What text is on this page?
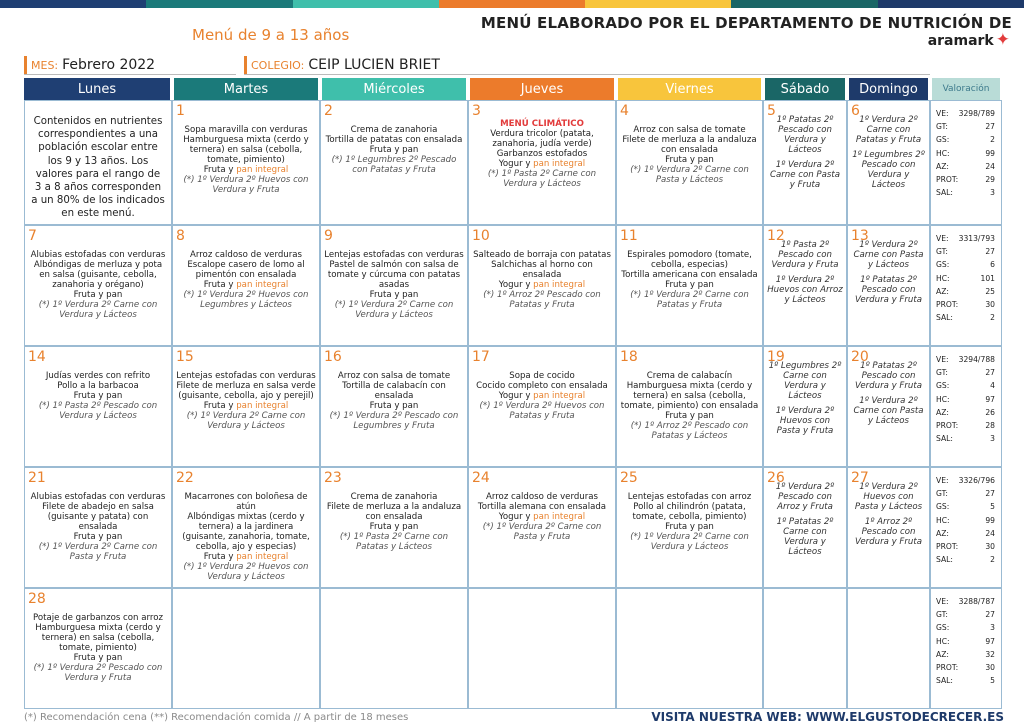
Menú de 9 a 13 años
MENÚ ELABORADO POR EL DEPARTAMENTO DE NUTRICIÓN DE
aramark ✦
MES: Febrero 2022	COLEGIO: CEIP LUCIEN BRIET
Lunes	Martes	Miércoles	Jueves	Viernes	Sábado	Domingo	Valoración
Contenidos en nutrientes correspondientes a una población escolar entre los 9 y 13 años. Los valores para el rango de 3 a 8 años corresponden a un 80% de los indicados en este menú.
1
Sopa maravilla con verduras
Hamburguesa mixta (cerdo y ternera) en salsa (cebolla, tomate, pimiento)
Fruta y pan integral
(*) 1º Verdura 2º Huevos con Verdura y Fruta
2
Crema de zanahoria
Tortilla de patatas con ensalada
Fruta y pan
(*) 1º Legumbres 2º Pescado con Patatas y Fruta
3
MENÚ CLIMÁTICO
Verdura tricolor (patata, zanahoria, judía verde)
Garbanzos estofados
Yogur y pan integral
(*) 1º Pasta 2º Carne con Verdura y Lácteos
4
Arroz con salsa de tomate
Filete de merluza a la andaluza con ensalada
Fruta y pan
(*) 1º Verdura 2º Carne con Pasta y Lácteos
5
1º Patatas 2º Pescado con Verdura y Lácteos
1º Verdura 2º Carne con Pasta y Fruta
6
1º Verdura 2º Carne con Patatas y Fruta
1º Legumbres 2º Pescado con Verdura y Lácteos
VE: 3298/789
GT:	27
GS:	2
HC:	99
AZ:	24
PROT:	29
SAL:	3
7
Alubias estofadas con verduras
Albóndigas de merluza y pota en salsa (guisante, cebolla, zanahoria y orégano)
Fruta y pan
(*) 1º Verdura 2º Carne con Verdura y Lácteos
8
Arroz caldoso de verduras
Escalope casero de lomo al pimentón con ensalada
Fruta y pan integral
(*) 1º Verdura 2º Huevos con Legumbres y Lácteos
9
Lentejas estofadas con verduras
Pastel de salmón con salsa de tomate y cúrcuma con patatas asadas
Fruta y pan
(*) 1º Verdura 2º Carne con Verdura y Lácteos
10
Salteado de borraja con patatas
Salchichas al horno con ensalada
Yogur y pan integral
(*) 1º Arroz 2º Pescado con Patatas y Fruta
11
Espirales pomodoro (tomate, cebolla, especias)
Tortilla americana con ensalada
Fruta y pan
(*) 1º Verdura 2º Carne con Patatas y Fruta
12
1º Pasta 2º Pescado con Verdura y Fruta
1º Verdura 2º Huevos con Arroz y Lácteos
13
1º Verdura 2º Carne con Pasta y Lácteos
1º Patatas 2º Pescado con Verdura y Fruta
VE: 3313/793
GT:	27
GS:	6
HC:	101
AZ:	25
PROT:	30
SAL:	2
14
Judías verdes con refrito
Pollo a la barbacoa
Fruta y pan
(*) 1º Pasta 2º Pescado con Verdura y Lácteos
15
Lentejas estofadas con verduras
Filete de merluza en salsa verde (guisante, cebolla, ajo y perejil)
Fruta y pan integral
(*) 1º Verdura 2º Carne con Verdura y Lácteos
16
Arroz con salsa de tomate
Tortilla de calabacín con ensalada
Fruta y pan
(*) 1º Verdura 2º Pescado con Legumbres y Fruta
17
Sopa de cocido
Cocido completo con ensalada
Yogur y pan integral
(*) 1º Verdura 2º Huevos con Patatas y Fruta
18
Crema de calabacín
Hamburguesa mixta (cerdo y ternera) en salsa (cebolla, tomate, pimiento) con ensalada
Fruta y pan
(*) 1º Arroz 2º Pescado con Patatas y Lácteos
19
1º Legumbres 2º Carne con Verdura y Lácteos
1º Verdura 2º Huevos con Pasta y Fruta
20
1º Patatas 2º Pescado con Verdura y Fruta
1º Verdura 2º Carne con Pasta y Lácteos
VE: 3294/788
GT:	27
GS:	4
HC:	97
AZ:	26
PROT:	28
SAL:	3
21
Alubias estofadas con verduras
Filete de abadejo en salsa (guisante y patata) con ensalada
Fruta y pan
(*) 1º Verdura 2º Carne con Pasta y Fruta
22
Macarrones con boloñesa de atún
Albóndigas mixtas (cerdo y ternera) a la jardinera (guisante, zanahoria, tomate, cebolla, ajo y especias)
Fruta y pan integral
(*) 1º Verdura 2º Huevos con Verdura y Lácteos
23
Crema de zanahoria
Filete de merluza a la andaluza con ensalada
Fruta y pan
(*) 1º Pasta 2º Carne con Patatas y Lácteos
24
Arroz caldoso de verduras
Tortilla alemana con ensalada
Yogur y pan integral
(*) 1º Verdura 2º Carne con Pasta y Fruta
25
Lentejas estofadas con arroz
Pollo al chilindrón (patata, tomate, cebolla, pimiento)
Fruta y pan
(*) 1º Verdura 2º Carne con Verdura y Lácteos
26
1º Verdura 2º Pescado con Arroz y Fruta
1º Patatas 2º Carne con Verdura y Lácteos
27
1º Verdura 2º Huevos con Pasta y Lácteos
1º Arroz 2º Pescado con Verdura y Fruta
VE: 3326/796
GT:	27
GS:	5
HC:	99
AZ:	24
PROT:	30
SAL:	2
28
Potaje de garbanzos con arroz
Hamburguesa mixta (cerdo y ternera) en salsa (cebolla, tomate, pimiento)
Fruta y pan
(*) 1º Verdura 2º Pescado con Verdura y Fruta
VE: 3288/787
GT:	27
GS:	3
HC:	97
AZ:	32
PROT:	30
SAL:	5
(*) Recomendación cena (**) Recomendación comida // A partir de 18 meses	VISITA NUESTRA WEB: WWW.ELGUSTODECRECER.ES
